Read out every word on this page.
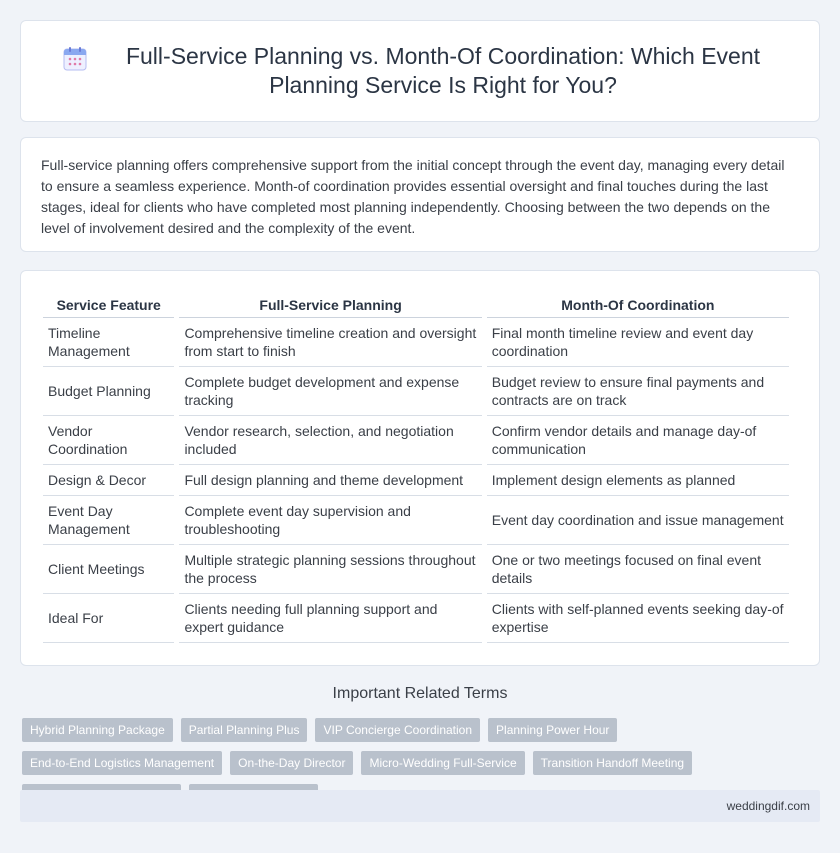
Full-Service Planning vs. Month-Of Coordination: Which Event Planning Service Is Right for You?

Full-service planning offers comprehensive support from the initial concept through the event day, managing every detail to ensure a seamless experience. Month-of coordination provides essential oversight and final touches during the last stages, ideal for clients who have completed most planning independently. Choosing between the two depends on the level of involvement desired and the complexity of the event.

Service Feature	Full-Service Planning	Month-Of Coordination
Timeline Management	Comprehensive timeline creation and oversight from start to finish	Final month timeline review and event day coordination
Budget Planning	Complete budget development and expense tracking	Budget review to ensure final payments and contracts are on track
Vendor Coordination	Vendor research, selection, and negotiation included	Confirm vendor details and manage day-of communication
Design & Decor	Full design planning and theme development	Implement design elements as planned
Event Day Management	Complete event day supervision and troubleshooting	Event day coordination and issue management
Client Meetings	Multiple strategic planning sessions throughout the process	One or two meetings focused on final event details
Ideal For	Clients needing full planning support and expert guidance	Clients with self-planned events seeking day-of expertise
Important Related Terms
Hybrid Planning Package	Partial Planning Plus	VIP Concierge Coordination	Planning Power Hour
End-to-End Logistics Management	On-the-Day Director	Micro-Wedding Full-Service	Transition Handoff Meeting
weddingdif.com
